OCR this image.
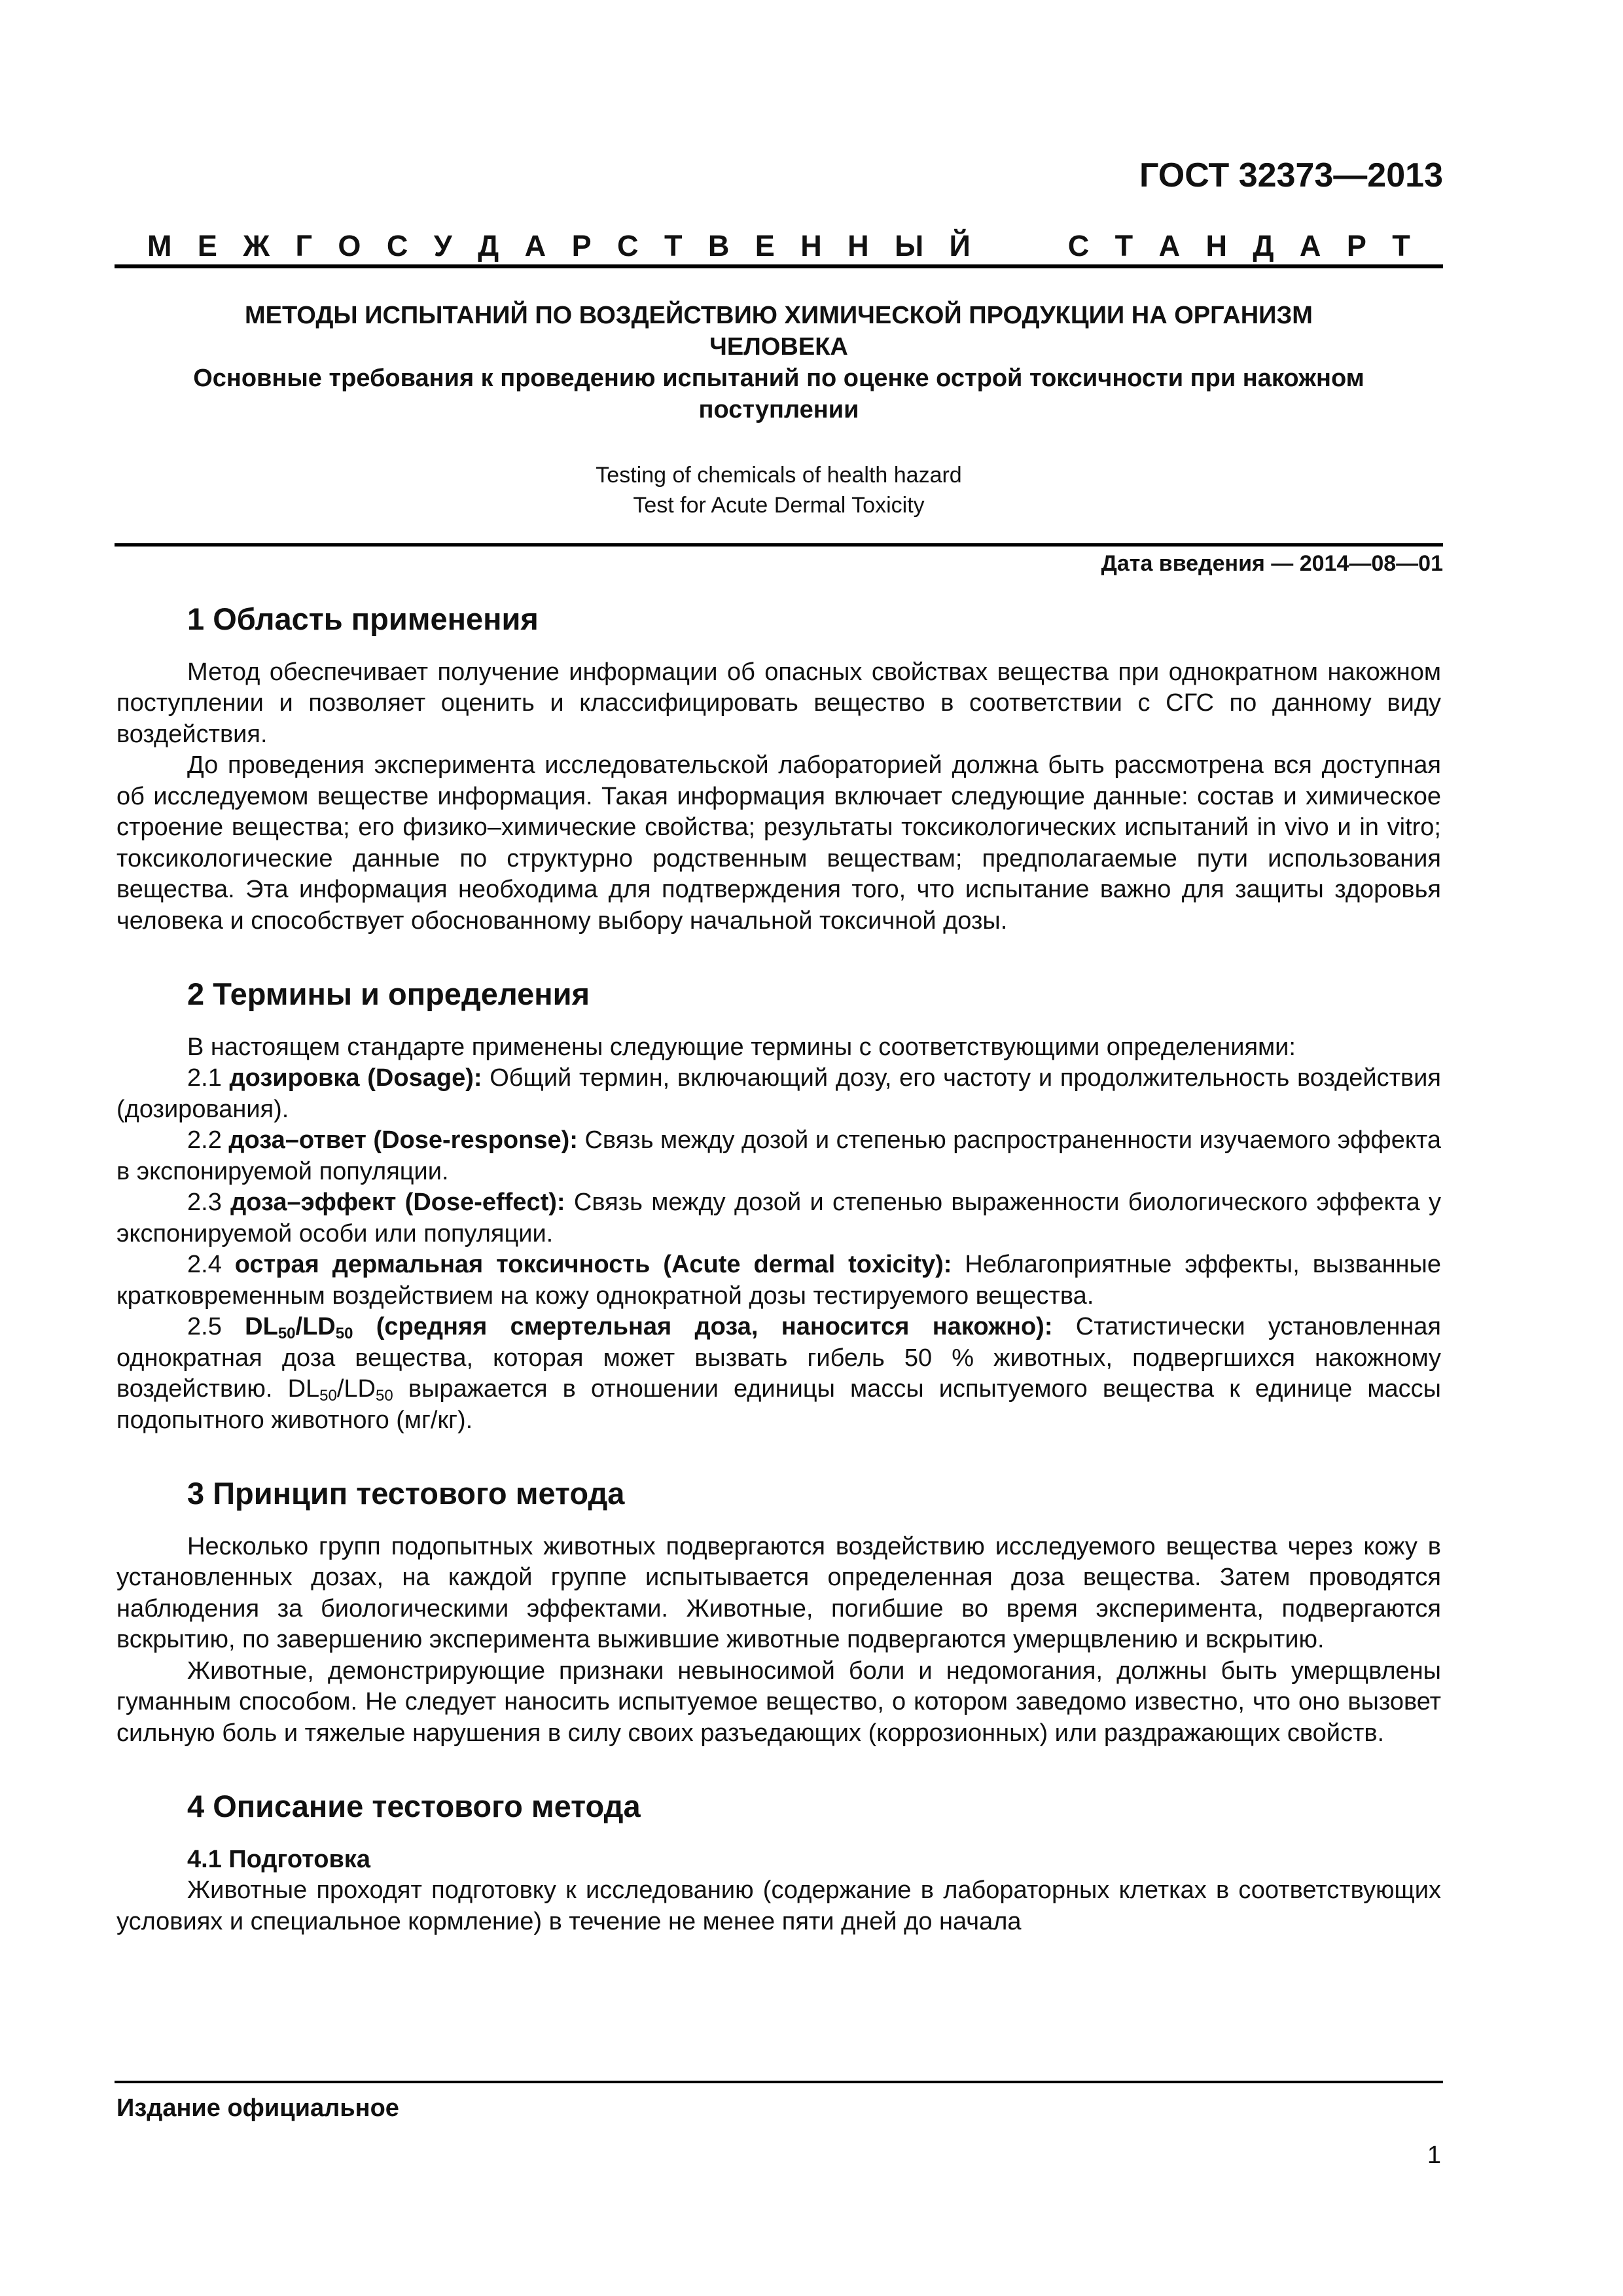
ГОСТ 32373—2013

М Е Ж Г О С У Д А Р С Т В Е Н Н Ы Й	С Т А Н Д А Р Т

МЕТОДЫ ИСПЫТАНИЙ ПО ВОЗДЕЙСТВИЮ ХИМИЧЕСКОЙ ПРОДУКЦИИ НА ОРГАНИЗМ

ЧЕЛОВЕКА

Основные требования к проведению испытаний по оценке острой токсичности при накожном

поступлении

Testing of chemicals of health hazard

Test for Acute Dermal Toxicity

Дата введения — 2014—08—01

1 Область применения

Метод обеспечивает получение информации об опасных свойствах вещества при однократном накожном поступлении и позволяет оценить и классифицировать вещество в соответствии с СГС по данному виду воздействия.

До проведения эксперимента исследовательской лабораторией должна быть рассмотрена вся доступная об исследуемом веществе информация. Такая информация включает следующие данные: состав и химическое строение вещества; его физико–химические свойства; результаты токсикологических испытаний in vivo и in vitro; токсикологические данные по структурно родственным веществам; предполагаемые пути использования вещества. Эта информация необходима для подтверждения того, что испытание важно для защиты здоровья человека и способствует обоснованному выбору начальной токсичной дозы.

2 Термины и определения

В настоящем стандарте применены следующие термины с соответствующими определениями:

2.1 дозировка (Dosage): Общий термин, включающий дозу, его частоту и продолжительность воздействия (дозирования).

2.2 доза–ответ (Dose-response): Связь между дозой и степенью распространенности изучаемого эффекта в экспонируемой популяции.

2.3 доза–эффект (Dose-effect): Связь между дозой и степенью выраженности биологического эффекта у экспонируемой особи или популяции.

2.4 острая дермальная токсичность (Acute dermal toxicity): Неблагоприятные эффекты, вызванные кратковременным воздействием на кожу однократной дозы тестируемого вещества.

2.5 $DL_{50}/LD_{50}$ (средняя смертельная доза, наносится накожно): Статистически установленная однократная доза вещества, которая может вызвать гибель 50 % животных, подвергшихся накожному воздействию. $DL_{50}/LD_{50}$ выражается в отношении единицы массы испытуемого вещества к единице массы подопытного животного (мг/кг).

3 Принцип тестового метода

Несколько групп подопытных животных подвергаются воздействию исследуемого вещества через кожу в установленных дозах, на каждой группе испытывается определенная доза вещества. Затем проводятся наблюдения за биологическими эффектами. Животные, погибшие во время эксперимента, подвергаются вскрытию, по завершению эксперимента выжившие животные подвергаются умерщвлению и вскрытию.

Животные, демонстрирующие признаки невыносимой боли и недомогания, должны быть умерщвлены гуманным способом. Не следует наносить испытуемое вещество, о котором заведомо известно, что оно вызовет сильную боль и тяжелые нарушения в силу своих разъедающих (коррозионных) или раздражающих свойств.

4 Описание тестового метода
4.1 Подготовка

Животные проходят подготовку к исследованию (содержание в лабораторных клетках в соответствующих условиях и специальное кормление) в течение не менее пяти дней до начала

Издание официальное

1
